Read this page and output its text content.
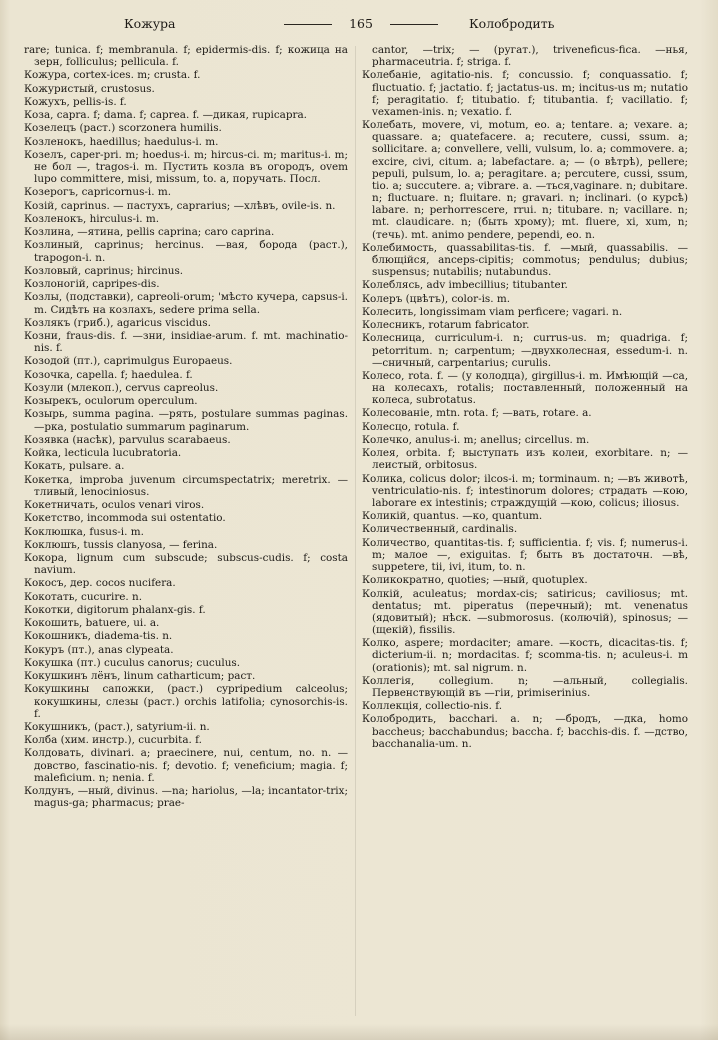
Кожура	165	Колобродить

rare; tunica. f; membranula. f; epidermis-dis. f; кожица на зерн, folliculus; pellicula. f.

Кожура, cortex-ices. m; crusta. f.

Кожуристый, crustosus.

Кожухъ, pellis-is. f.

Коза, capra. f; dama. f; caprea. f. —дикая, rupicapra.

Козелецъ (раст.) scorzonera humilis.

Козленокъ, haedillus; haedulus-i. m.

Козелъ, caper-pri. m; hoedus-i. m; hircus-ci. m; maritus-i. m; не бол —, tragos-i. m. Пустить козла въ огородъ, ovem lupo committere, misi, missum, to. a, поручать. Посл.

Козерогъ, capricornus-i. m.

Козій, caprinus. — пастухъ, caprarius; —хлѣвъ, ovile-is. n.

Козленокъ, hirculus-i. m.

Козлина, —ятина, pellis caprina; caro caprina.

Козлиный, caprinus; hercinus. —вая, борода (раст.), trapogon-i. n.

Козловый, caprinus; hircinus.

Козлоногій, capripes-dis.

Козлы, (подставки), capreoli-orum; 'мѣсто кучера, capsus-i. m. Сидѣть на козлахъ, sedere prima sella.

Козлякъ (гриб.), agaricus viscidus.

Козни, fraus-dis. f. —зни, insidiae-arum. f. mt. machinatio-nis. f.

Козодой (пт.), caprimulgus Europaeus.

Козочка, capella. f; haedulea. f.

Козули (млекоп.), cervus capreolus.

Козырекъ, oculorum operculum.

Козырь, summa pagina. —рять, postulare summas paginas. —рка, postulatio summarum paginarum.

Козявка (насѣк), parvulus scarabaeus.

Койка, lecticula lucubratoria.

Кокать, pulsare. a.

Кокетка, improba juvenum circumspectatrix; meretrix. —тливый, lenociniosus.

Кокетничать, oculos venari viros.

Кокетство, incommoda sui ostentatio.

Коклюшка, fusus-i. m.

Коклюшъ, tussis clanyosa, — ferina.

Кокора, lignum cum subscude; subscus-cudis. f; costa navium.

Кокосъ, дер. cocos nucifera.

Кокотать, cucurire. n.

Кокотки, digitorum phalanx-gis. f.

Кокошить, batuere, ui. a.

Кокошникъ, diadema-tis. n.

Кокуръ (пт.), anas clypeata.

Кокушка (пт.) cuculus canorus; cuculus.

Кокушкинъ лёнъ, linum catharticum; раст.

Кокушкины сапожки, (раст.) cypripedium calceolus; кокушкины, слезы (раст.) orchis latifolia; cynosorchis-is. f.

Кокушникъ, (раст.), satyrium-ii. n.

Колба (хим. инстр.), cucurbita. f.

Колдовать, divinari. a; praecinere, nui, centum, no. n. —довство, fascinatio-nis. f; devotio. f; veneficium; magia. f; maleficium. n; nenia. f.

Колдунъ, —ный, divinus. —na; hariolus, —la; incantator-trix; magus-ga; pharmacus; prae-

cantor, —trix; — (ругат.), triveneficus-fica. —нья, pharmaceutria. f; striga. f.

Колебаніе, agitatio-nis. f; concussio. f; conquassatio. f; fluctuatio. f; jactatio. f; jactatus-us. m; incitus-us m; nutatio f; peragitatio. f; titubatio. f; titubantia. f; vacillatio. f; vexamen-inis. n; vexatio. f.

Колебать, movere, vi, motum, eo. a; tentare. a; vexare. a; quassare. a; quatefacere. a; recutere, cussi, ssum. a; sollicitare. a; convellere, velli, vulsum, lo. a; commovere. a; excire, civi, citum. a; labefactare. a; — (о вѣтрѣ), pellere; pepuli, pulsum, lo. a; peragitare. a; percutere, cussi, ssum, tio. a; succutere. a; vibrare. a. —ться,vaginare. n; dubitare. n; fluctuare. n; fluitare. n; gravari. n; inclinari. (о курсѣ) labare. n; perhorrescere, rrui. n; titubare. n; vacillare. n; mt. claudicare. n; (быть хрому); mt. fluere, xi, xum, n; (течь). mt. animo pendere, pependi, eo. n.

Колебимость, quassabilitas-tis. f. —мый, quassabilis. —блющійся, anceps-cipitis; commotus; pendulus; dubius; suspensus; nutabilis; nutabundus.

Колеблясь, adv imbecillius; titubanter.

Колеръ (цвѣтъ), color-is. m.

Колесить, longissimam viam perficere; vagari. n.

Колесникъ, rotarum fabricator.

Колесница, curriculum-i. n; currus-us. m; quadriga. f; petorritum. n; carpentum; —двухколесная, essedum-i. n. —сничный, carpentarius; curulis.

Колесо, rota. f. — (у колодца), girgillus-i. m. Имѣющій —са, на колесахъ, rotalis; поставленный, положенный на колеса, subrotatus.

Колесованіе, mtn. rota. f; —вать, rotare. a.

Колесцо, rotula. f.

Колечко, anulus-i. m; anellus; circellus. m.

Колея, orbita. f; выступать изъ колеи, exorbitare. n; —леистый, orbitosus.

Колика, colicus dolor; ilcos-i. m; torminaum. n; —въ животѣ, ventriculatio-nis. f; intestinorum dolores; страдать —кою, laborare ex intestinis; страждущій —кою, colicus; iliosus.

Коликій, quantus. —ко, quantum.

Количественный, cardinalis.

Количество, quantitas-tis. f; sufficientia. f; vis. f; numerus-i. m; малое —, exiguitas. f; быть въ достаточн. —вѣ, suppetere, tii, ivi, itum, to. n.

Коликократно, quoties; —ный, quotuplex.

Колкій, aculeatus; mordax-cis; satiricus; caviliosus; mt. dentatus; mt. piperatus (перечный); mt. venenatus (ядовитый); нѣск. —submorosus. (колючій), spinosus; —(щекій), fissilis.

Колко, aspere; mordaciter; amare. —кость, dicacitas-tis. f; dicterium-ii. n; mordacitas. f; scomma-tis. n; aculeus-i. m (orationis); mt. sal nigrum. n.

Коллегія, collegium. n; —альный, collegialis. Первенствующій въ —гіи, primiserinius.

Коллекція, collectio-nis. f.

Колобродить, bacchari. a. n; —бродъ, —дка, homo baccheus; bacchabundus; baccha. f; bacchis-dis. f. —дство, bacchanalia-um. n.
